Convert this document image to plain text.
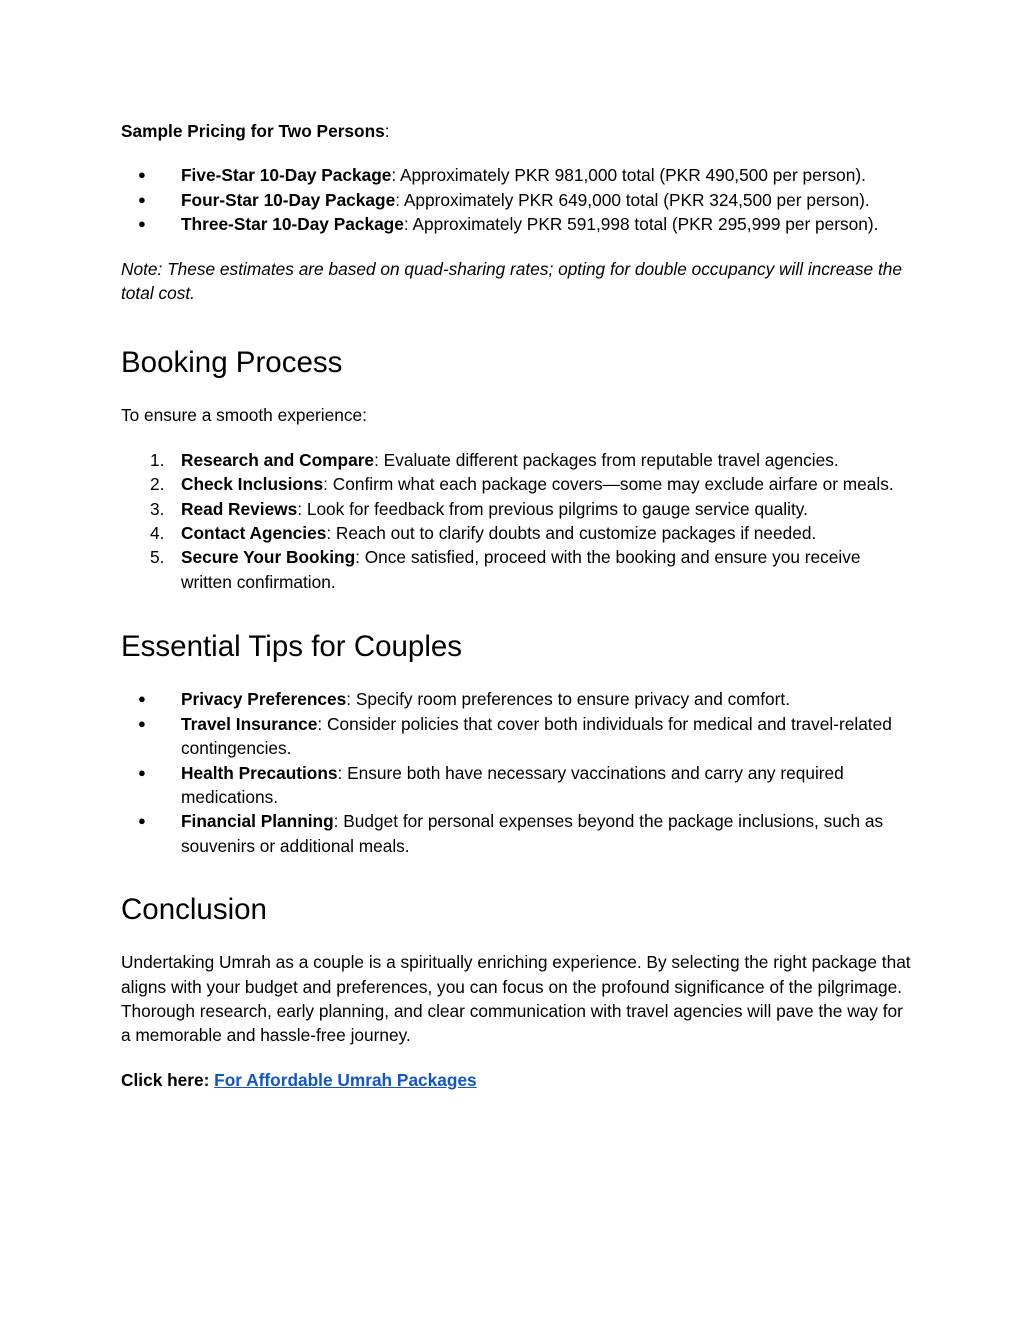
Sample Pricing for Two Persons:

● Five-Star 10-Day Package: Approximately PKR 981,000 total (PKR 490,500 per person).
● Four-Star 10-Day Package: Approximately PKR 649,000 total (PKR 324,500 per person).
● Three-Star 10-Day Package: Approximately PKR 591,998 total (PKR 295,999 per person).

Note: These estimates are based on quad-sharing rates; opting for double occupancy will increase the total cost.

Booking Process

To ensure a smooth experience:

1. Research and Compare: Evaluate different packages from reputable travel agencies.
2. Check Inclusions: Confirm what each package covers—some may exclude airfare or meals.
3. Read Reviews: Look for feedback from previous pilgrims to gauge service quality.
4. Contact Agencies: Reach out to clarify doubts and customize packages if needed.
5. Secure Your Booking: Once satisfied, proceed with the booking and ensure you receive written confirmation.
Essential Tips for Couples
● Privacy Preferences: Specify room preferences to ensure privacy and comfort.
● Travel Insurance: Consider policies that cover both individuals for medical and travel-related contingencies.
● Health Precautions: Ensure both have necessary vaccinations and carry any required medications.
● Financial Planning: Budget for personal expenses beyond the package inclusions, such as souvenirs or additional meals.
Conclusion

Undertaking Umrah as a couple is a spiritually enriching experience. By selecting the right package that aligns with your budget and preferences, you can focus on the profound significance of the pilgrimage. Thorough research, early planning, and clear communication with travel agencies will pave the way for a memorable and hassle-free journey.

Click here: For Affordable Umrah Packages
